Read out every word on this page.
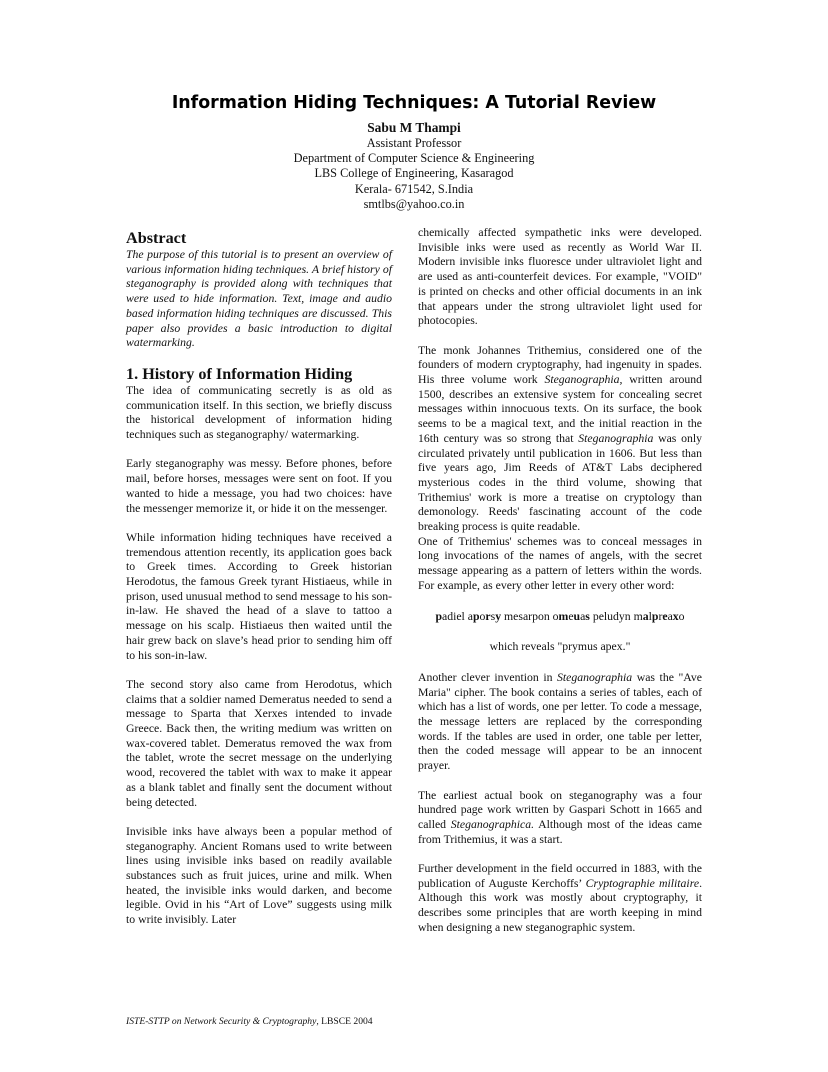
Information Hiding Techniques: A Tutorial Review
Sabu M Thampi
Assistant Professor
Department of Computer Science & Engineering
LBS College of Engineering, Kasaragod
Kerala- 671542, S.India
smtlbs@yahoo.co.in
Abstract

The purpose of this tutorial is to present an overview of various information hiding techniques. A brief history of steganography is provided along with techniques that were used to hide information. Text, image and audio based information hiding techniques are discussed. This paper also provides a basic introduction to digital watermarking.

1. History of Information Hiding

The idea of communicating secretly is as old as communication itself. In this section, we briefly discuss the historical development of information hiding techniques such as steganography/ watermarking.

Early steganography was messy. Before phones, before mail, before horses, messages were sent on foot. If you wanted to hide a message, you had two choices: have the messenger memorize it, or hide it on the messenger.

While information hiding techniques have received a tremendous attention recently, its application goes back to Greek times. According to Greek historian Herodotus, the famous Greek tyrant Histiaeus, while in prison, used unusual method to send message to his son-in-law. He shaved the head of a slave to tattoo a message on his scalp. Histiaeus then waited until the hair grew back on slave’s head prior to sending him off to his son-in-law.

The second story also came from Herodotus, which claims that a soldier named Demeratus needed to send a message to Sparta that Xerxes intended to invade Greece. Back then, the writing medium was written on wax-covered tablet. Demeratus removed the wax from the tablet, wrote the secret message on the underlying wood, recovered the tablet with wax to make it appear as a blank tablet and finally sent the document without being detected.

Invisible inks have always been a popular method of steganography. Ancient Romans used to write between lines using invisible inks based on readily available substances such as fruit juices, urine and milk. When heated, the invisible inks would darken, and become legible. Ovid in his “Art of Love” suggests using milk to write invisibly. Later

chemically affected sympathetic inks were developed. Invisible inks were used as recently as World War II. Modern invisible inks fluoresce under ultraviolet light and are used as anti-counterfeit devices. For example, "VOID" is printed on checks and other official documents in an ink that appears under the strong ultraviolet light used for photocopies.

The monk Johannes Trithemius, considered one of the founders of modern cryptography, had ingenuity in spades. His three volume work Steganographia, written around 1500, describes an extensive system for concealing secret messages within innocuous texts. On its surface, the book seems to be a magical text, and the initial reaction in the 16th century was so strong that Steganographia was only circulated privately until publication in 1606. But less than five years ago, Jim Reeds of AT&T Labs deciphered mysterious codes in the third volume, showing that Trithemius' work is more a treatise on cryptology than demonology. Reeds' fascinating account of the code breaking process is quite readable.

One of Trithemius' schemes was to conceal messages in long invocations of the names of angels, with the secret message appearing as a pattern of letters within the words. For example, as every other letter in every other word:

padiel aporsy mesarpon omeuas peludyn malpreaxo

which reveals "prymus apex."

Another clever invention in Steganographia was the "Ave Maria" cipher. The book contains a series of tables, each of which has a list of words, one per letter. To code a message, the message letters are replaced by the corresponding words. If the tables are used in order, one table per letter, then the coded message will appear to be an innocent prayer.

The earliest actual book on steganography was a four hundred page work written by Gaspari Schott in 1665 and called Steganographica. Although most of the ideas came from Trithemius, it was a start.

Further development in the field occurred in 1883, with the publication of Auguste Kerchoffs’ Cryptographie militaire. Although this work was mostly about cryptography, it describes some principles that are worth keeping in mind when designing a new steganographic system.

ISTE-STTP on Network Security & Cryptography, LBSCE 2004
